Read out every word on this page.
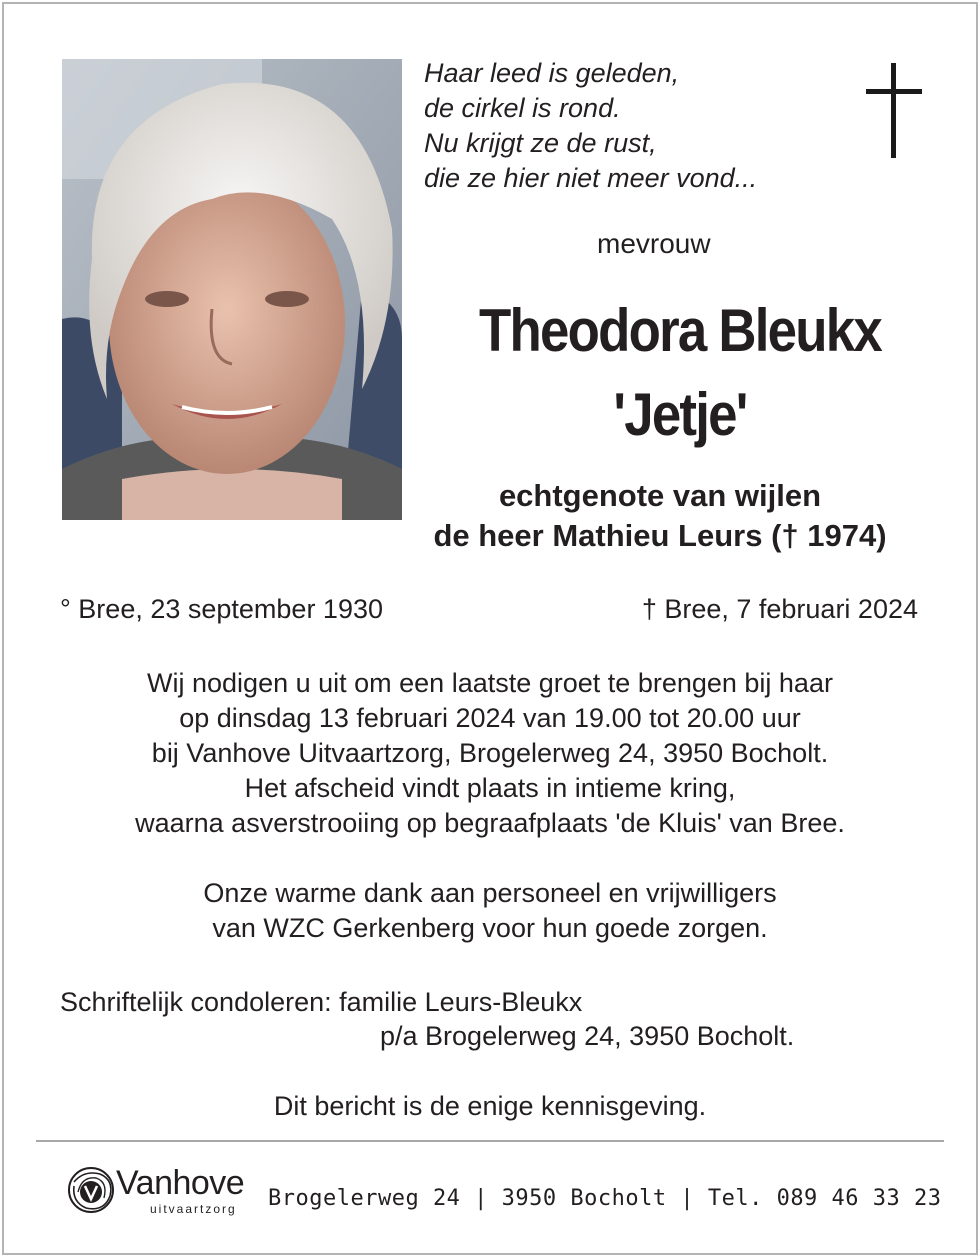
Haar leed is geleden,
de cirkel is rond.
Nu krijgt ze de rust,
die ze hier niet meer vond...
mevrouw
Theodora Bleukx
'Jetje'
echtgenote van wijlen
de heer Mathieu Leurs († 1974)
° Bree, 23 september 1930	† Bree, 7 februari 2024
Wij nodigen u uit om een laatste groet te brengen bij haar
op dinsdag 13 februari 2024 van 19.00 tot 20.00 uur
bij Vanhove Uitvaartzorg, Brogelerweg 24, 3950 Bocholt.
Het afscheid vindt plaats in intieme kring,
waarna asverstrooiing op begraafplaats 'de Kluis' van Bree.
Onze warme dank aan personeel en vrijwilligers
van WZC Gerkenberg voor hun goede zorgen.
Schriftelijk condoleren: familie Leurs-Bleukx
p/a Brogelerweg 24, 3950 Bocholt.
Dit bericht is de enige kennisgeving.
Vanhove
uitvaartzorg Brogelerweg 24 | 3950 Bocholt | Tel. 089 46 33 23
